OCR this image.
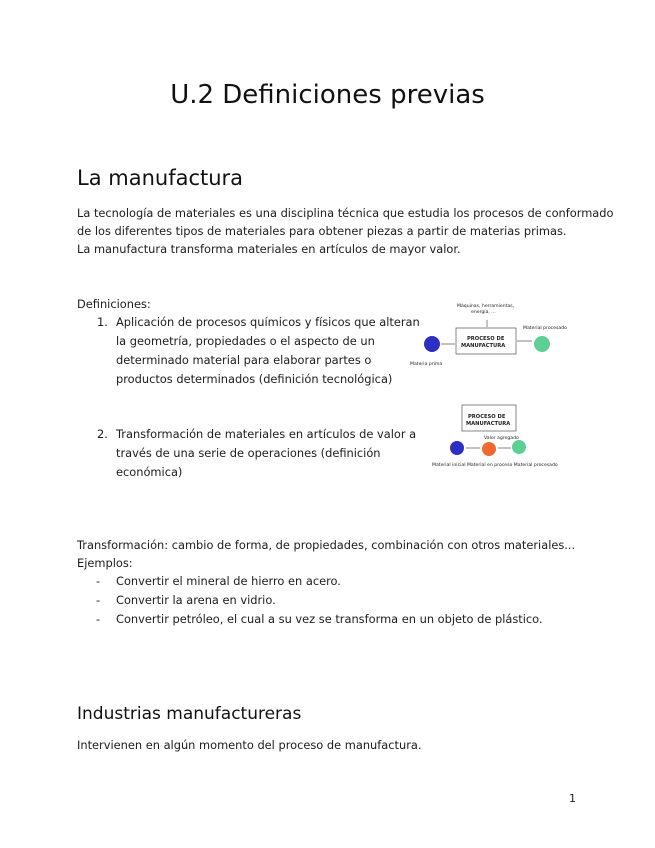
U.2 Definiciones previas
La manufactura
La tecnología de materiales es una disciplina técnica que estudia los procesos de conformado
de los diferentes tipos de materiales para obtener piezas a partir de materias primas.
La manufactura transforma materiales en artículos de mayor valor.
Definiciones:
1. Aplicación de procesos químicos y físicos que alteran
la geometría, propiedades o el aspecto de un
determinado material para elaborar partes o
productos determinados (definición tecnológica)
2. Transformación de materiales en artículos de valor a
través de una serie de operaciones (definición
económica)
Máquinas, herramientas,
energía, ...
PROCESO DE
MANUFACTURA
Material procesado
Materia prima
PROCESO DE
MANUFACTURA
Valor agregado
Material inicial Material en proceso Material procesado
Transformación: cambio de forma, de propiedades, combinación con otros materiales...
Ejemplos:
- Convertir el mineral de hierro en acero.
- Convertir la arena en vidrio.
- Convertir petróleo, el cual a su vez se transforma en un objeto de plástico.
Industrias manufactureras
Intervienen en algún momento del proceso de manufactura.
1
